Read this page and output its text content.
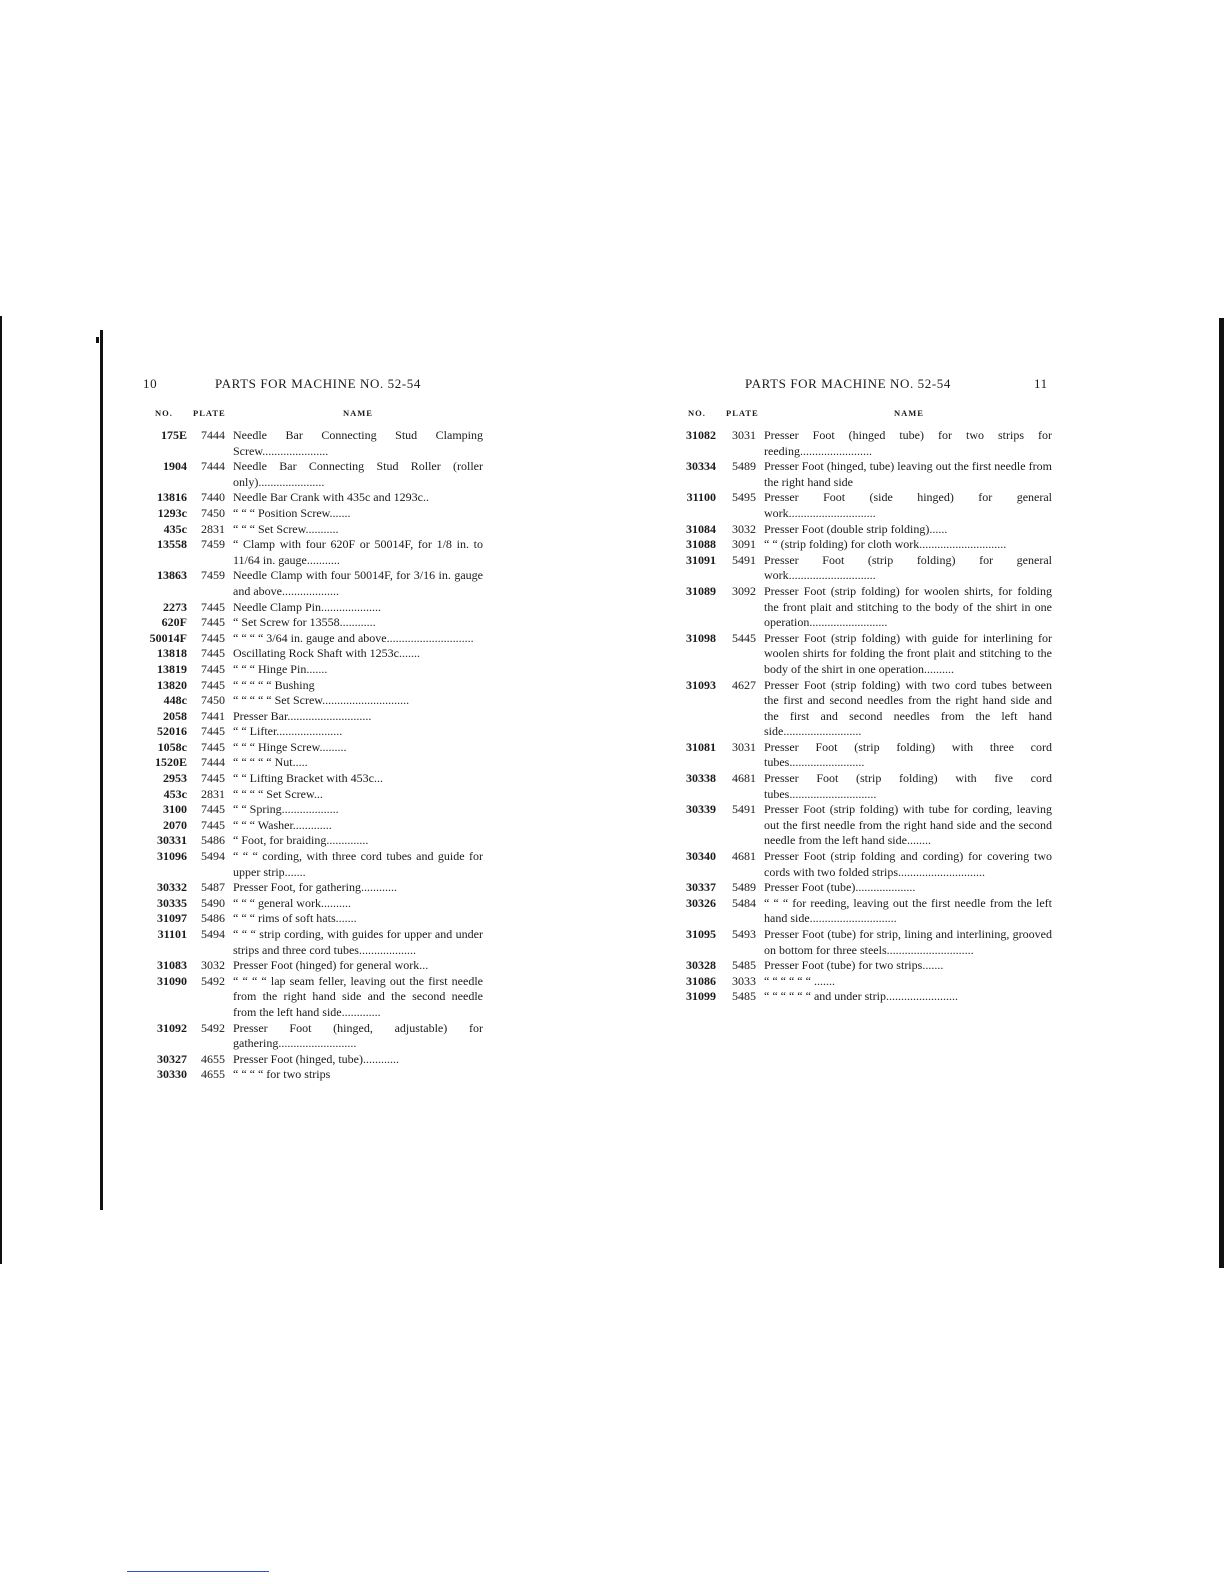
10	PARTS FOR MACHINE NO. 52-54
NO.	PLATE	NAME
175E	7444 Needle Bar Connecting Stud Clamping Screw......................
1904	7444 Needle Bar Connecting Stud Roller (roller only)......................
13816	7440 Needle Bar Crank with 435c and 1293c..
1293c	7450 “ “ “ Position Screw.......
435c	2831 “ “ “ Set Screw...........
13558	7459 “ Clamp with four 620F or 50014F, for 1/8 in. to 11/64 in. gauge...........
13863	7459 Needle Clamp with four 50014F, for 3/16 in. gauge and above...................
2273	7445 Needle Clamp Pin....................
620F	7445 “ Set Screw for 13558............
50014F	7445 “ “ “ “ 3/64 in. gauge and above.............................
13818	7445 Oscillating Rock Shaft with 1253c.......
13819	7445 “ “ “ Hinge Pin.......
13820	7445 “ “ “ “ “ Bushing
448c	7450 “ “ “ “ “ Set Screw.............................
2058	7441 Presser Bar............................
52016	7445 “ “ Lifter......................
1058c	7445 “ “ “ Hinge Screw.........
1520E	7444 “ “ “ “ “ Nut.....
2953	7445 “ “ Lifting Bracket with 453c...
453c	2831 “ “ “ “ Set Screw...
3100	7445 “ “ Spring...................
2070	7445 “ “ “ Washer.............
30331	5486 “ Foot, for braiding..............
31096	5494 “ “ “ cording, with three cord tubes and guide for upper strip.......
30332	5487 Presser Foot, for gathering............
30335	5490 “ “ “ general work..........
31097	5486 “ “ “ rims of soft hats.......
31101	5494 “ “ “ strip cording, with guides for upper and under strips and three cord tubes...................
31083	3032 Presser Foot (hinged) for general work...
31090	5492 “ “ “ “ lap seam feller, leaving out the first needle from the right hand side and the second needle from the left hand side.............
31092	5492 Presser Foot (hinged, adjustable) for gathering..........................
30327	4655 Presser Foot (hinged, tube)............
30330	4655 “ “ “ “ for two strips
PARTS FOR MACHINE NO. 52-54	11
NO.	PLATE	NAME
31082	3031 Presser Foot (hinged tube) for two strips for reeding........................
30334	5489 Presser Foot (hinged, tube) leaving out the first needle from the right hand side
31100	5495 Presser Foot (side hinged) for general work.............................
31084	3032 Presser Foot (double strip folding)......
31088	3091 “ “ (strip folding) for cloth work.............................
31091	5491 Presser Foot (strip folding) for general work.............................
31089	3092 Presser Foot (strip folding) for woolen shirts, for folding the front plait and stitching to the body of the shirt in one operation..........................
31098	5445 Presser Foot (strip folding) with guide for interlining for woolen shirts for folding the front plait and stitching to the body of the shirt in one operation..........
31093	4627 Presser Foot (strip folding) with two cord tubes between the first and second needles from the right hand side and the first and second needles from the left hand side..........................
31081	3031 Presser Foot (strip folding) with three cord tubes.........................
30338	4681 Presser Foot (strip folding) with five cord tubes.............................
30339	5491 Presser Foot (strip folding) with tube for cording, leaving out the first needle from the right hand side and the second needle from the left hand side........
30340	4681 Presser Foot (strip folding and cording) for covering two cords with two folded strips.............................
30337	5489 Presser Foot (tube)....................
30326	5484 “ “ “ for reeding, leaving out the first needle from the left hand side.............................
31095	5493 Presser Foot (tube) for strip, lining and interlining, grooved on bottom for three steels.............................
30328	5485 Presser Foot (tube) for two strips.......
31086	3033 “ “ “ “ “ “ .......
31099	5485 “ “ “ “ “ “ and under strip........................
